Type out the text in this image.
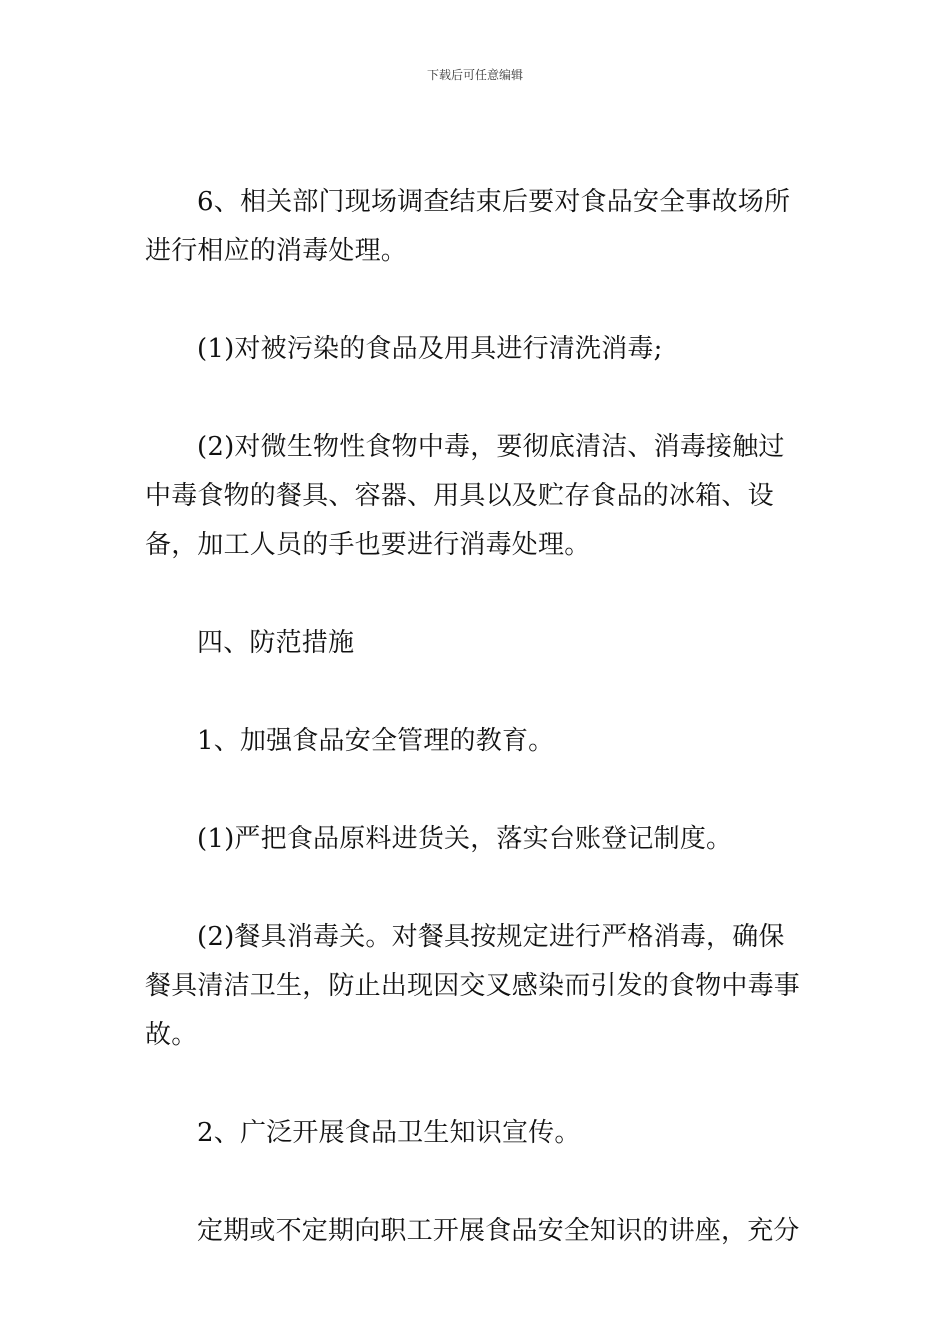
下载后可任意编辑

6、相关部门现场调查结束后要对食品安全事故场所进行相应的消毒处理。

(1)对被污染的食品及用具进行清洗消毒;

(2)对微生物性食物中毒，要彻底清洁、消毒接触过中毒食物的餐具、容器、用具以及贮存食品的冰箱、设备，加工人员的手也要进行消毒处理。

四、防范措施

1、加强食品安全管理的教育。

(1)严把食品原料进货关，落实台账登记制度。

(2)餐具消毒关。对餐具按规定进行严格消毒，确保餐具清洁卫生，防止出现因交叉感染而引发的食物中毒事故。

2、广泛开展食品卫生知识宣传。

定期或不定期向职工开展食品安全知识的讲座，充分
